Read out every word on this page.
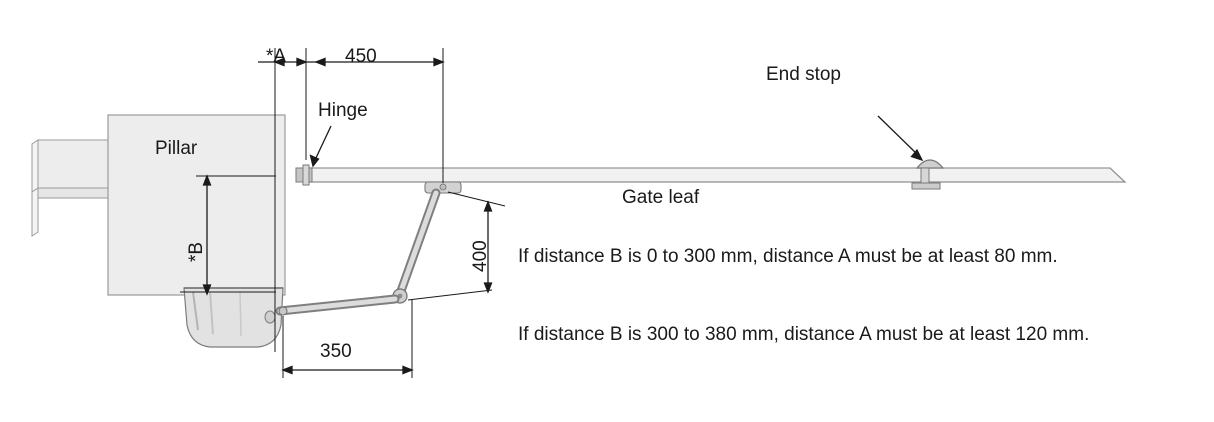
*A	450
Hinge
Pillar
End stop
Gate leaf
*B	400
350
If distance B is 0 to 300 mm, distance A must be at least 80 mm.
If distance B is 300 to 380 mm, distance A must be at least 120 mm.
